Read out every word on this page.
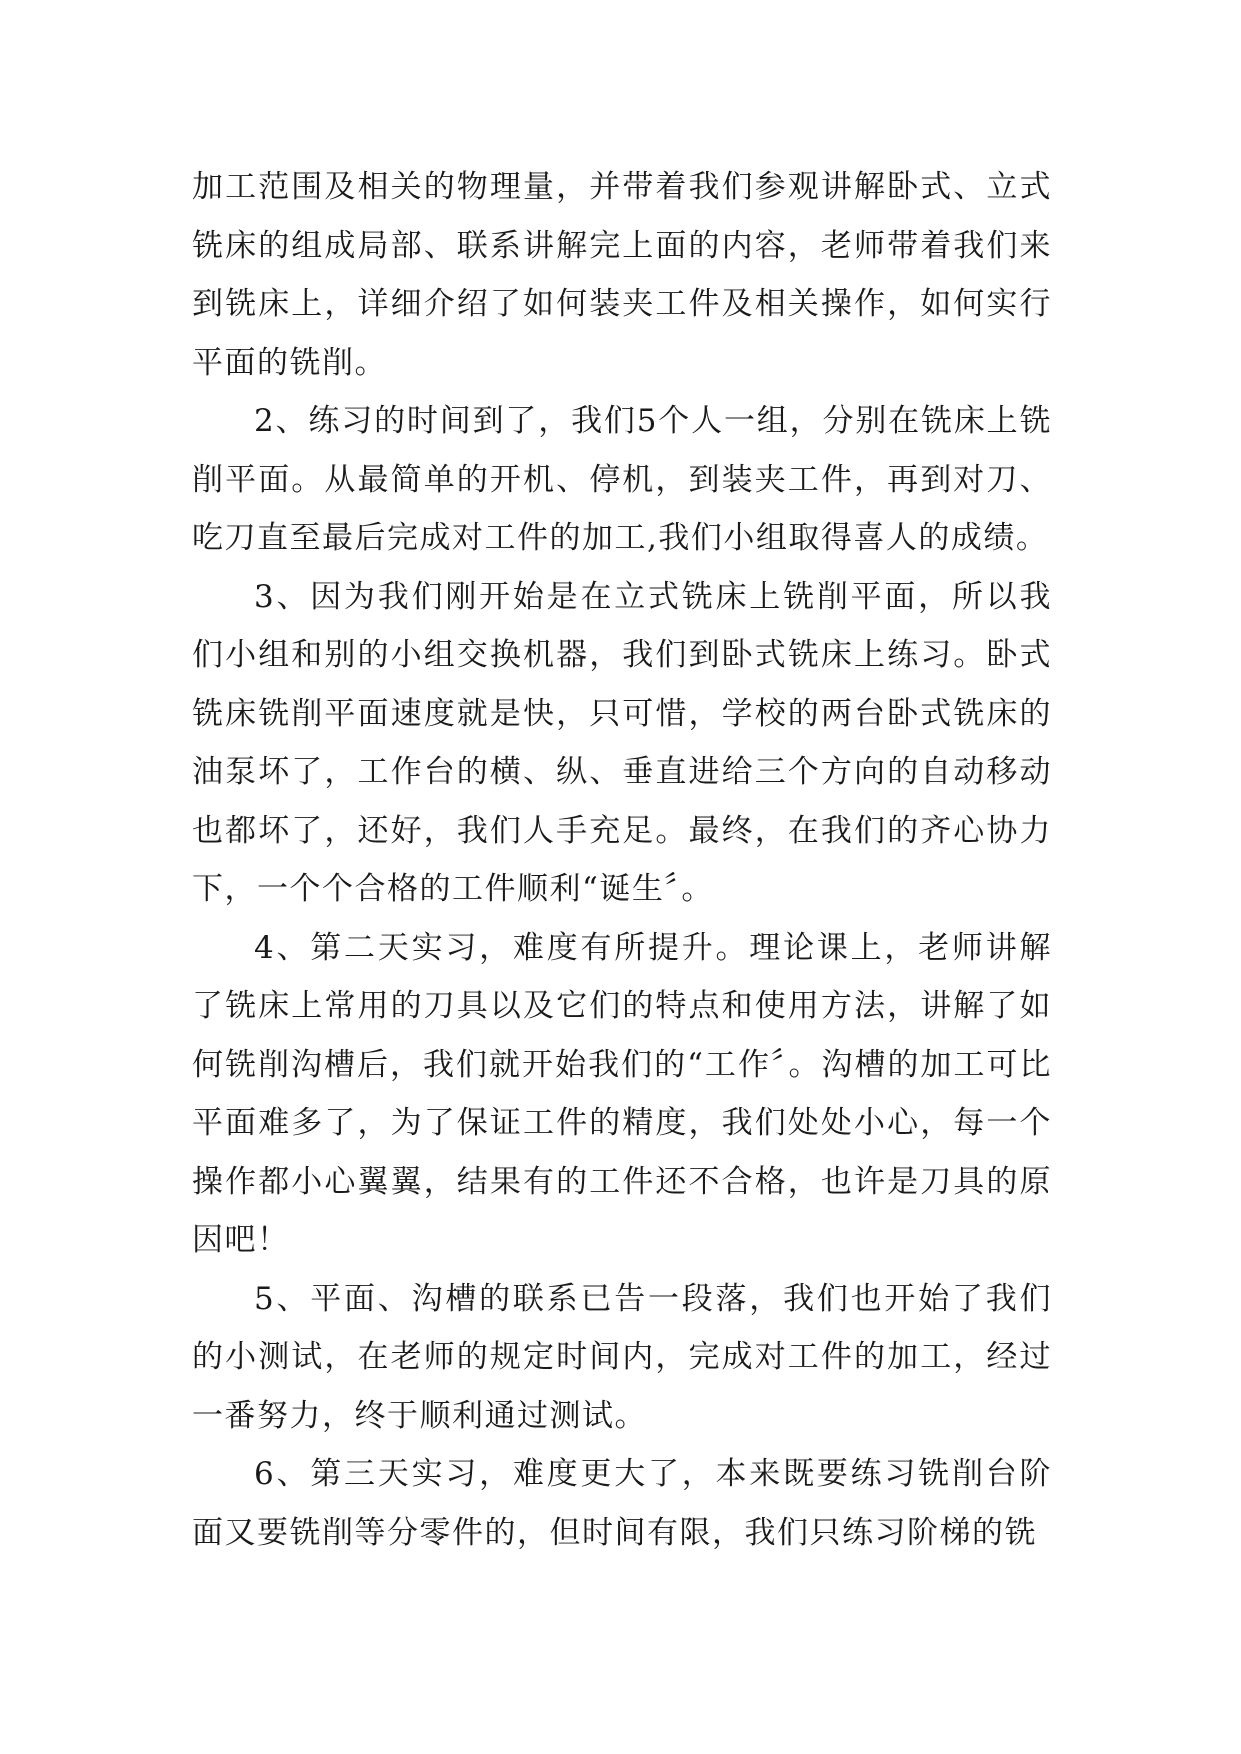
加工范围及相关的物理量，并带着我们参观讲解卧式、立式铣床的组成局部、联系讲解完上面的内容，老师带着我们来到铣床上，详细介绍了如何装夹工件及相关操作，如何实行平面的铣削。

2、练习的时间到了，我们5个人一组，分别在铣床上铣削平面。从最简单的开机、停机，到装夹工件，再到对刀、吃刀直至最后完成对工件的加工,我们小组取得喜人的成绩。

3、因为我们刚开始是在立式铣床上铣削平面，所以我们小组和别的小组交换机器，我们到卧式铣床上练习。卧式铣床铣削平面速度就是快，只可惜，学校的两台卧式铣床的油泵坏了，工作台的横、纵、垂直进给三个方向的自动移动也都坏了，还好，我们人手充足。最终，在我们的齐心协力下，一个个合格的工件顺利“诞生〞。

4、第二天实习，难度有所提升。理论课上，老师讲解了铣床上常用的刀具以及它们的特点和使用方法，讲解了如何铣削沟槽后，我们就开始我们的“工作〞。沟槽的加工可比平面难多了，为了保证工件的精度，我们处处小心，每一个操作都小心翼翼，结果有的工件还不合格，也许是刀具的原因吧！

5、平面、沟槽的联系已告一段落，我们也开始了我们的小测试，在老师的规定时间内，完成对工件的加工，经过一番努力，终于顺利通过测试。

6、第三天实习，难度更大了，本来既要练习铣削台阶面又要铣削等分零件的，但时间有限，我们只练习阶梯的铣
